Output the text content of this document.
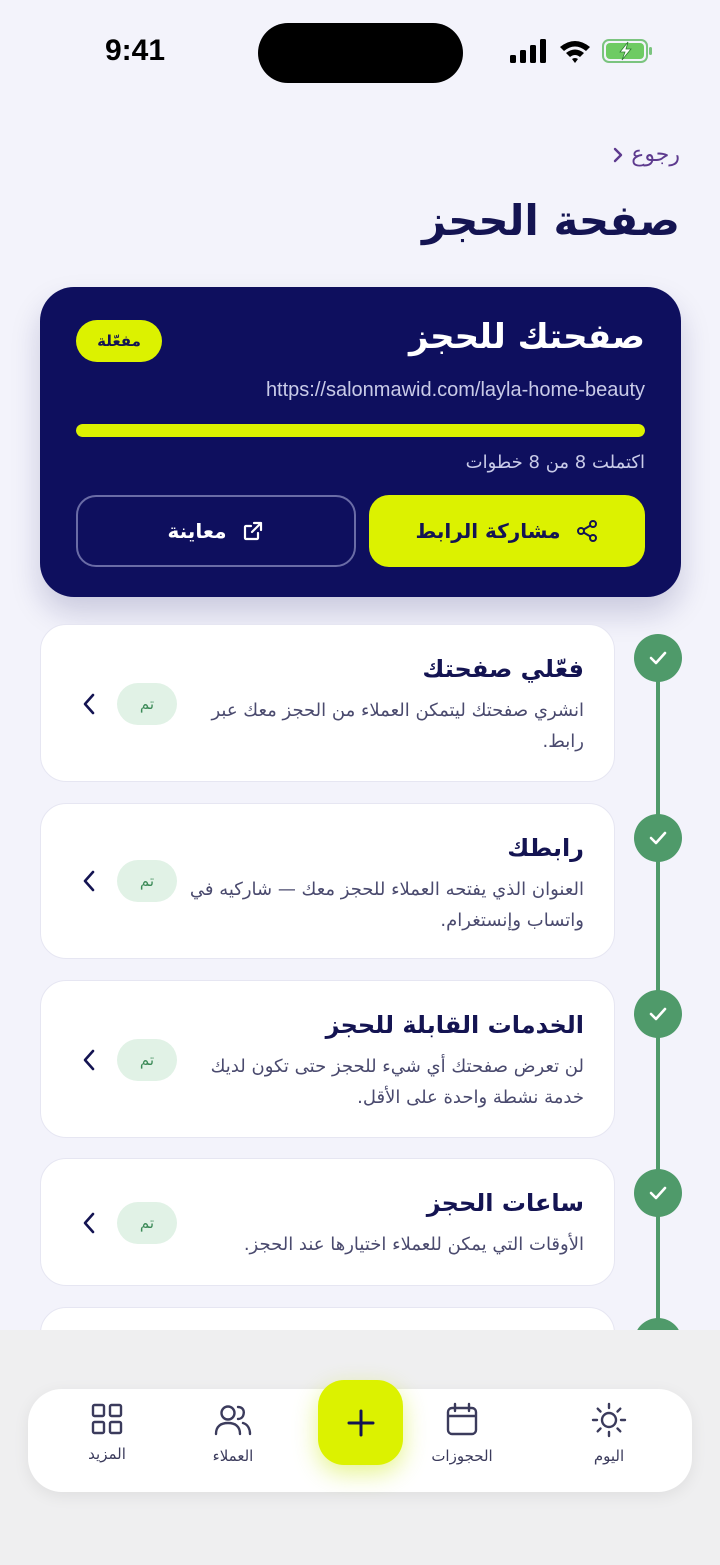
9:41
رجوع
صفحة الحجز
صفحتك للحجز
مفعّلة
https://salonmawid.com/layla-home-beauty
اكتملت 8 من 8 خطوات
مشاركة الرابط
معاينة
فعّلي صفحتك
انشري صفحتك ليتمكن العملاء من الحجز معك عبر رابط.
تم
رابطك
العنوان الذي يفتحه العملاء للحجز معك — شاركيه في واتساب وإنستغرام.
تم
الخدمات القابلة للحجز
لن تعرض صفحتك أي شيء للحجز حتى تكون لديك خدمة نشطة واحدة على الأقل.
تم
ساعات الحجز
الأوقات التي يمكن للعملاء اختيارها عند الحجز.
تم
اليوم
الحجوزات
العملاء
المزيد
